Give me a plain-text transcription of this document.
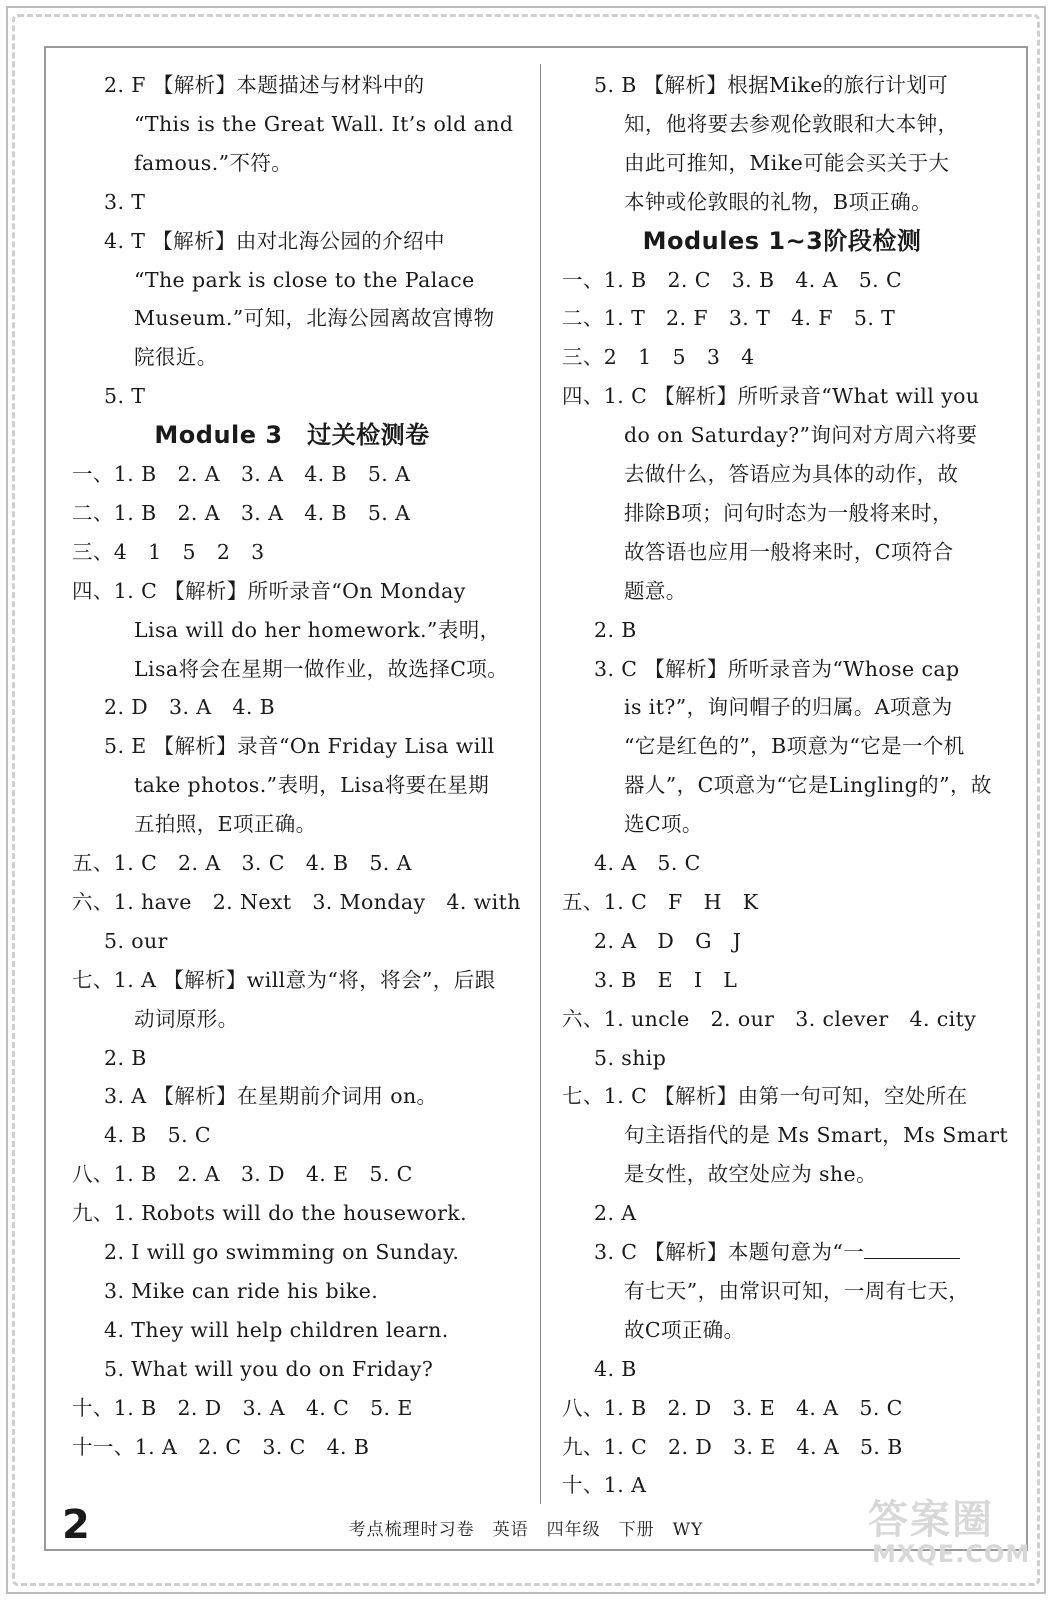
2. F 【解析】本题描述与材料中的
“This is the Great Wall. It’s old and
famous.”不符。
3. T
4. T 【解析】由对北海公园的介绍中
“The park is close to the Palace
Museum.”可知，北海公园离故宫博物
院很近。
5. T
Module 3　过关检测卷
一、1. B　2. A　3. A　4. B　5. A
二、1. B　2. A　3. A　4. B　5. A
三、4　1　5　2　3
四、1. C 【解析】所听录音“On Monday
Lisa will do her homework.”表明，
Lisa将会在星期一做作业，故选择C项。
2. D　3. A　4. B
5. E 【解析】录音“On Friday Lisa will
take photos.”表明，Lisa将要在星期
五拍照，E项正确。
五、1. C　2. A　3. C　4. B　5. A
六、1. have　2. Next　3. Monday　4. with
5. our
七、1. A 【解析】will意为“将，将会”，后跟
动词原形。
2. B
3. A 【解析】在星期前介词用 on。
4. B　5. C
八、1. B　2. A　3. D　4. E　5. C
九、1. Robots will do the housework.
2. I will go swimming on Sunday.
3. Mike can ride his bike.
4. They will help children learn.
5. What will you do on Friday?
十、1. B　2. D　3. A　4. C　5. E
十一、1. A　2. C　3. C　4. B
5. B 【解析】根据Mike的旅行计划可
知，他将要去参观伦敦眼和大本钟，
由此可推知，Mike可能会买关于大
本钟或伦敦眼的礼物，B项正确。
Modules 1~3阶段检测
一、1. B　2. C　3. B　4. A　5. C
二、1. T　2. F　3. T　4. F　5. T
三、2　1　5　3　4
四、1. C 【解析】所听录音“What will you
do on Saturday?”询问对方周六将要
去做什么，答语应为具体的动作，故
排除B项；问句时态为一般将来时，
故答语也应用一般将来时，C项符合
题意。
2. B
3. C 【解析】所听录音为“Whose cap
is it?”，询问帽子的归属。A项意为
“它是红色的”，B项意为“它是一个机
器人”，C项意为“它是Lingling的”，故
选C项。
4. A　5. C
五、1. C　F　H　K
2. A　D　G　J
3. B　E　I　L
六、1. uncle　2. our　3. clever　4. city
5. ship
七、1. C 【解析】由第一句可知，空处所在
句主语指代的是 Ms Smart，Ms Smart
是女性，故空处应为 she。
2. A
3. C 【解析】本题句意为“一
有七天”，由常识可知，一周有七天，
故C项正确。
4. B
八、1. B　2. D　3. E　4. A　5. C
九、1. C　2. D　3. E　4. A　5. B
十、1. A
2	考点梳理时习卷　英语　四年级　下册　WY	答案圈
MXQE.COM
